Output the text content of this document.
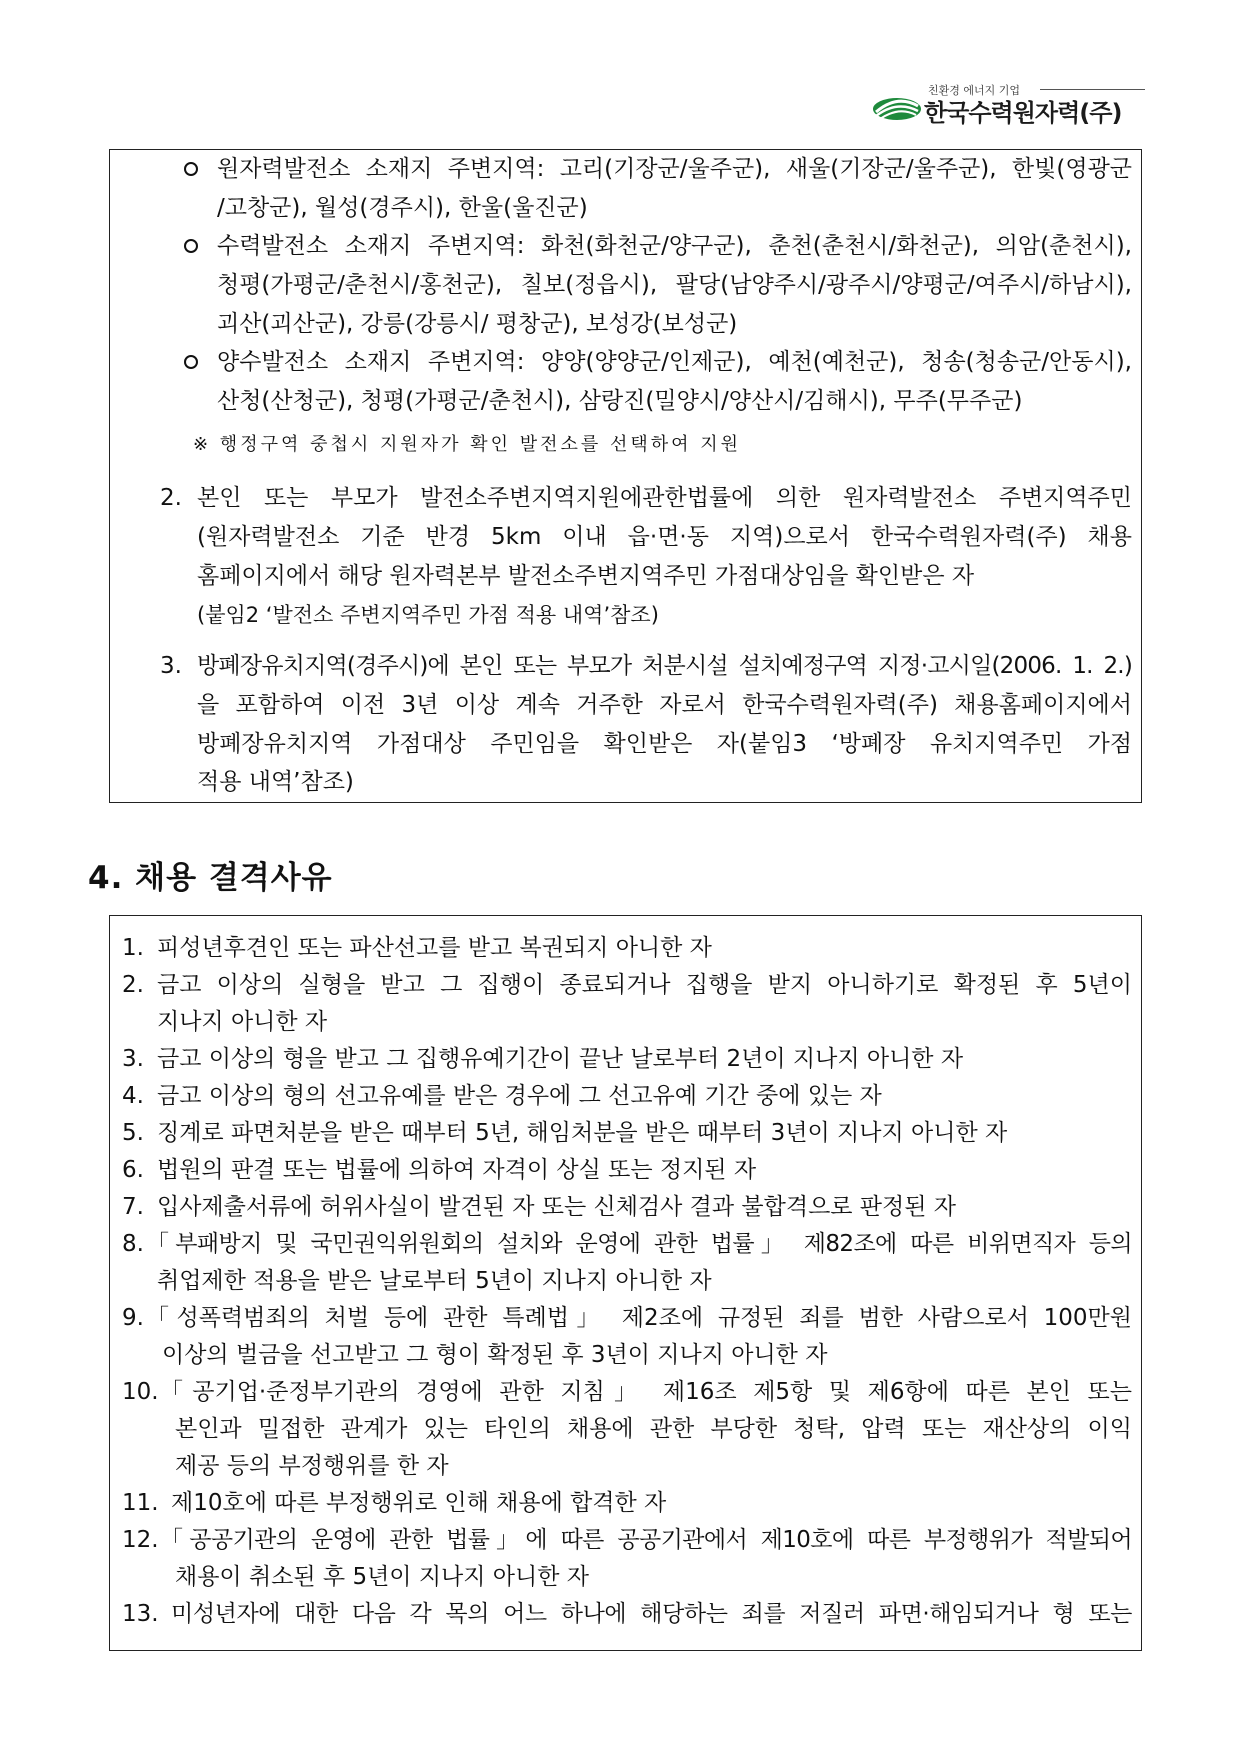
친환경 에너지 기업
한국수력원자력(주)
원자력발전소 소재지 주변지역: 고리(기장군/울주군), 새울(기장군/울주군), 한빛(영광군
/고창군), 월성(경주시), 한울(울진군)
수력발전소 소재지 주변지역: 화천(화천군/양구군), 춘천(춘천시/화천군), 의암(춘천시),
청평(가평군/춘천시/홍천군), 칠보(정읍시), 팔당(남양주시/광주시/양평군/여주시/하남시),
괴산(괴산군), 강릉(강릉시/ 평창군), 보성강(보성군)
양수발전소 소재지 주변지역: 양양(양양군/인제군), 예천(예천군), 청송(청송군/안동시),
산청(산청군), 청평(가평군/춘천시), 삼랑진(밀양시/양산시/김해시), 무주(무주군)
※ 행정구역 중첩시 지원자가 확인 발전소를 선택하여 지원
2. 본인 또는 부모가 발전소주변지역지원에관한법률에 의한 원자력발전소 주변지역주민
(원자력발전소 기준 반경 5km 이내 읍·면·동 지역)으로서 한국수력원자력(주) 채용
홈페이지에서 해당 원자력본부 발전소주변지역주민 가점대상임을 확인받은 자
(붙임2 ‘발전소 주변지역주민 가점 적용 내역’참조)
3. 방폐장유치지역(경주시)에 본인 또는 부모가 처분시설 설치예정구역 지정·고시일(2006. 1. 2.)
을 포함하여 이전 3년 이상 계속 거주한 자로서 한국수력원자력(주) 채용홈페이지에서
방폐장유치지역 가점대상 주민임을 확인받은 자(붙임3 ‘방폐장 유치지역주민 가점
적용 내역’참조)
4. 채용 결격사유
1. 피성년후견인 또는 파산선고를 받고 복권되지 아니한 자
2. 금고 이상의 실형을 받고 그 집행이 종료되거나 집행을 받지 아니하기로 확정된 후 5년이
지나지 아니한 자
3. 금고 이상의 형을 받고 그 집행유예기간이 끝난 날로부터 2년이 지나지 아니한 자
4. 금고 이상의 형의 선고유예를 받은 경우에 그 선고유예 기간 중에 있는 자
5. 징계로 파면처분을 받은 때부터 5년, 해임처분을 받은 때부터 3년이 지나지 아니한 자
6. 법원의 판결 또는 법률에 의하여 자격이 상실 또는 정지된 자
7. 입사제출서류에 허위사실이 발견된 자 또는 신체검사 결과 불합격으로 판정된 자
8. 「부패방지 및 국민권익위원회의 설치와 운영에 관한 법률」 제82조에 따른 비위면직자 등의
취업제한 적용을 받은 날로부터 5년이 지나지 아니한 자
9. 「성폭력범죄의 처벌 등에 관한 특례법」 제2조에 규정된 죄를 범한 사람으로서 100만원
이상의 벌금을 선고받고 그 형이 확정된 후 3년이 지나지 아니한 자
10. 「공기업·준정부기관의 경영에 관한 지침」 제16조 제5항 및 제6항에 따른 본인 또는
본인과 밀접한 관계가 있는 타인의 채용에 관한 부당한 청탁, 압력 또는 재산상의 이익
제공 등의 부정행위를 한 자
11. 제10호에 따른 부정행위로 인해 채용에 합격한 자
12. 「공공기관의 운영에 관한 법률」에 따른 공공기관에서 제10호에 따른 부정행위가 적발되어
채용이 취소된 후 5년이 지나지 아니한 자
13. 미성년자에 대한 다음 각 목의 어느 하나에 해당하는 죄를 저질러 파면·해임되거나 형 또는
